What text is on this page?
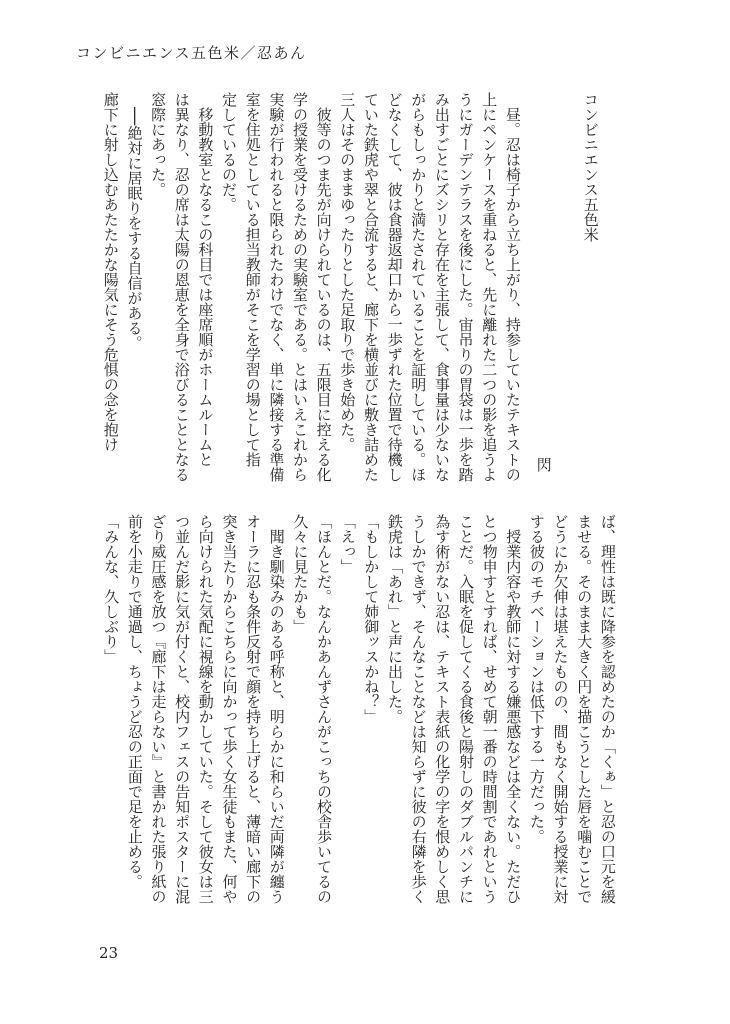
コンビニエンス五色米／忍あん
コンビニエンス五色米
閃
　昼。忍は椅子から立ち上がり、持参していたテキストの
上にペンケースを重ねると、先に離れた二つの影を追うよ
うにガーデンテラスを後にした。宙吊りの胃袋は一歩を踏
み出すごとにズシリと存在を主張して、食事量は少ないな
がらもしっかりと満たされていることを証明している。ほ
どなくして、彼は食器返却口から一歩ずれた位置で待機し
ていた鉄虎や翠と合流すると、廊下を横並びに敷き詰めた
三人はそのままゆったりとした足取りで歩き始めた。
　彼等のつま先が向けられているのは、五限目に控える化
学の授業を受けるための実験室である。とはいえこれから
実験が行われると限られたわけでなく、単に隣接する準備
室を住処としている担当教師がそこを学習の場として指
定しているのだ。
　移動教室となるこの科目では座席順がホームルームと
は異なり、忍の席は太陽の恩恵を全身で浴びることとなる
窓際にあった。
　──絶対に居眠りをする自信がある。
廊下に射し込むあたたかな陽気にそう危惧の念を抱け
ば、理性は既に降参を認めたのか「くぁ」と忍の口元を緩
ませる。そのまま大きく円を描こうとした唇を噛むことで
どうにか欠伸は堪えたものの、間もなく開始する授業に対
する彼のモチベーションは低下する一方だった。
　授業内容や教師に対する嫌悪感などは全くない。ただひ
とつ物申すとすれば、せめて朝一番の時間割であれという
ことだ。入眠を促してくる食後と陽射しのダブルパンチに
為す術がない忍は、テキスト表紙の化学の字を恨めしく思
うしかできず、そんなことなどは知らずに彼の右隣を歩く
鉄虎は「あれ」と声に出した。
「もしかして姉御ッスかね？」
「えっ」
「ほんとだ。なんかあんずさんがこっちの校舎歩いてるの
久々に見たかも」
　聞き馴染みのある呼称と、明らかに和らいだ両隣が纏う
オーラに忍も条件反射で顔を持ち上げると、薄暗い廊下の
突き当たりからこちらに向かって歩く女生徒もまた、何や
ら向けられた気配に視線を動かしていた。そして彼女は三
つ並んだ影に気が付くと、校内フェスの告知ポスターに混
ざり威圧感を放つ『廊下は走らない』と書かれた張り紙の
前を小走りで通過し、ちょうど忍の正面で足を止める。
「みんな、久しぶり」
23
